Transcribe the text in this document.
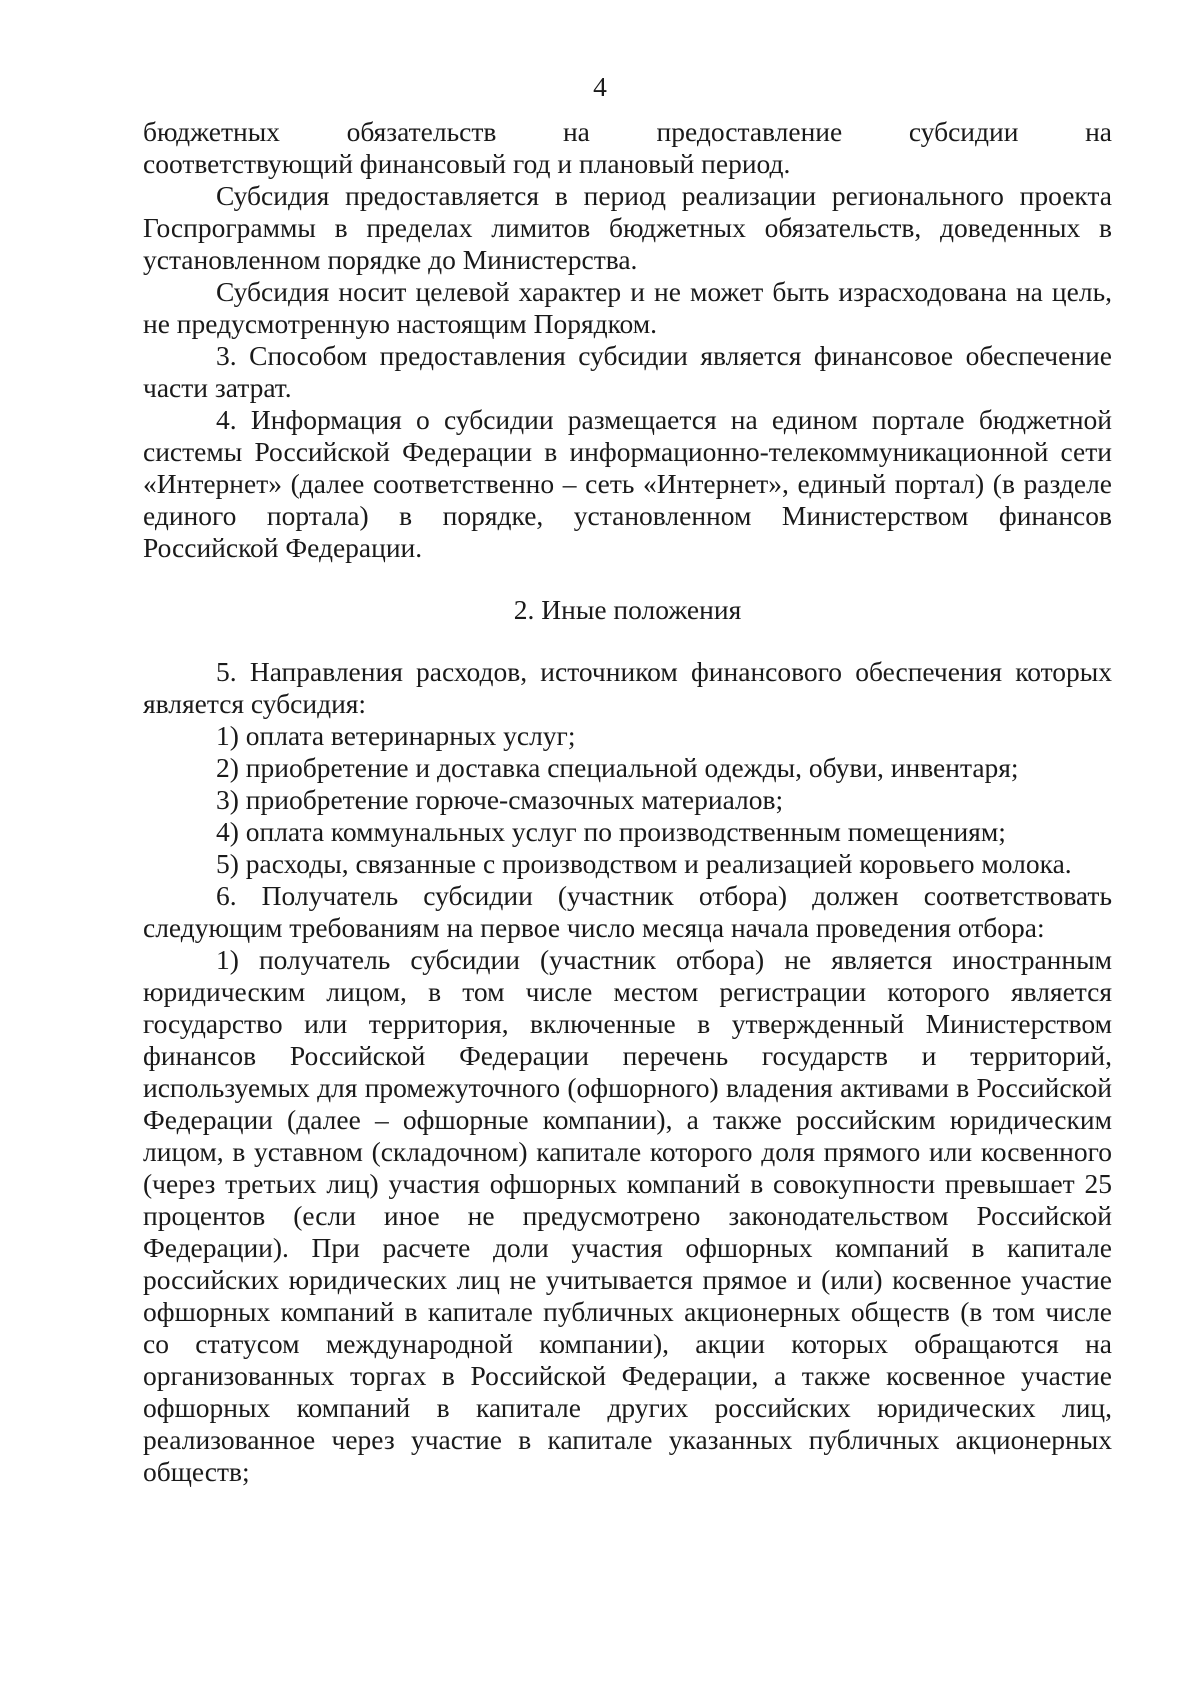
4

бюджетных обязательств на предоставление субсидии на

соответствующий финансовый год и плановый период.

Субсидия предоставляется в период реализации регионального проекта Госпрограммы в пределах лимитов бюджетных обязательств, доведенных в установленном порядке до Министерства.

Субсидия носит целевой характер и не может быть израсходована на цель, не предусмотренную настоящим Порядком.

3. Способом предоставления субсидии является финансовое обеспечение части затрат.

4. Информация о субсидии размещается на едином портале бюджетной системы Российской Федерации в информационно-телекоммуникационной сети «Интернет» (далее соответственно – сеть «Интернет», единый портал) (в разделе единого портала) в порядке, установленном Министерством финансов Российской Федерации.

2. Иные положения

5. Направления расходов, источником финансового обеспечения которых является субсидия:

1) оплата ветеринарных услуг;

2) приобретение и доставка специальной одежды, обуви, инвентаря;

3) приобретение горюче-смазочных материалов;

4) оплата коммунальных услуг по производственным помещениям;

5) расходы, связанные с производством и реализацией коровьего молока.

6. Получатель субсидии (участник отбора) должен соответствовать следующим требованиям на первое число месяца начала проведения отбора:

1) получатель субсидии (участник отбора) не является иностранным юридическим лицом, в том числе местом регистрации которого является государство или территория, включенные в утвержденный Министерством финансов Российской Федерации перечень государств и территорий, используемых для промежуточного (офшорного) владения активами в Российской Федерации (далее – офшорные компании), а также российским юридическим лицом, в уставном (складочном) капитале которого доля прямого или косвенного (через третьих лиц) участия офшорных компаний в совокупности превышает 25 процентов (если иное не предусмотрено законодательством Российской Федерации). При расчете доли участия офшорных компаний в капитале российских юридических лиц не учитывается прямое и (или) косвенное участие офшорных компаний в капитале публичных акционерных обществ (в том числе со статусом международной компании), акции которых обращаются на организованных торгах в Российской Федерации, а также косвенное участие офшорных компаний в капитале других российских юридических лиц, реализованное через участие в капитале указанных публичных акционерных обществ;
